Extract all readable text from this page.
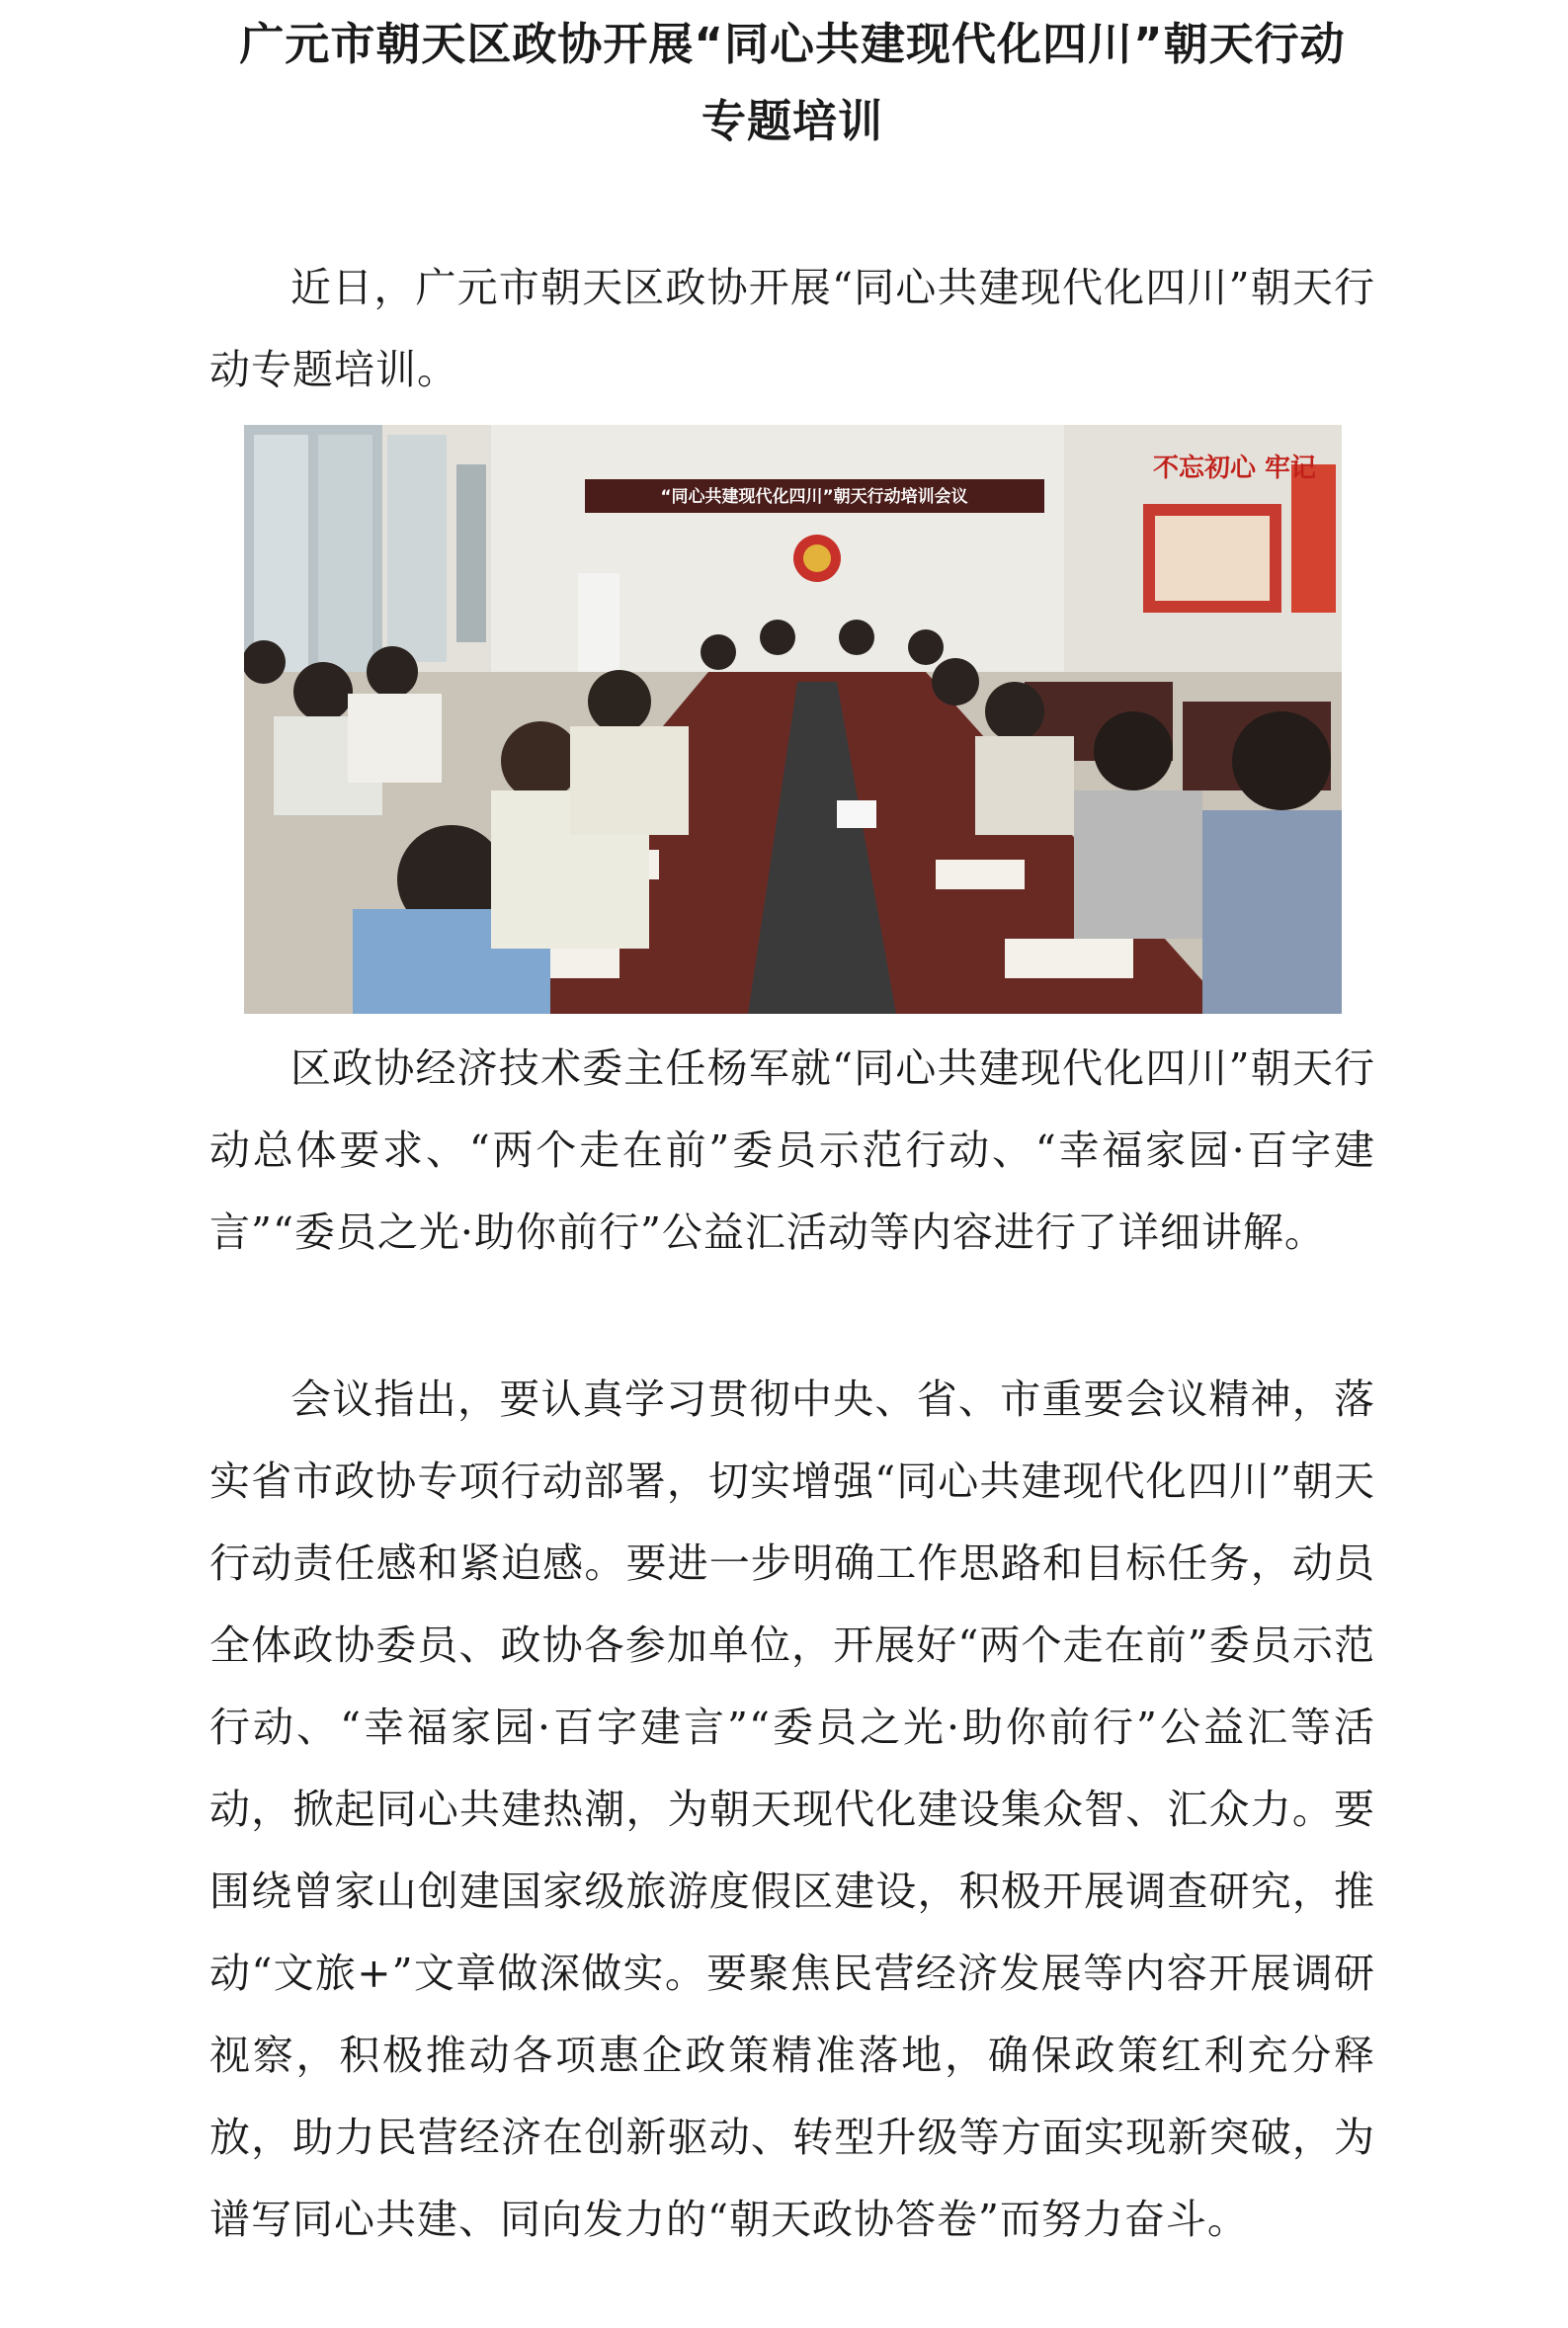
广元市朝天区政协开展“同心共建现代化四川”朝天行动
专题培训

近日，广元市朝天区政协开展“同心共建现代化四川”朝天行动专题培训。

“同心共建现代化四川”朝天行动培训会议
不忘初心 牢记

区政协经济技术委主任杨军就“同心共建现代化四川”朝天行动总体要求、“两个走在前”委员示范行动、“幸福家园·百字建言”“委员之光·助你前行”公益汇活动等内容进行了详细讲解。

会议指出，要认真学习贯彻中央、省、市重要会议精神，落实省市政协专项行动部署，切实增强“同心共建现代化四川”朝天行动责任感和紧迫感。要进一步明确工作思路和目标任务，动员全体政协委员、政协各参加单位，开展好“两个走在前”委员示范行动、“幸福家园·百字建言”“委员之光·助你前行”公益汇等活动，掀起同心共建热潮，为朝天现代化建设集众智、汇众力。要围绕曾家山创建国家级旅游度假区建设，积极开展调查研究，推动“文旅+”文章做深做实。要聚焦民营经济发展等内容开展调研视察，积极推动各项惠企政策精准落地，确保政策红利充分释放，助力民营经济在创新驱动、转型升级等方面实现新突破，为谱写同心共建、同向发力的“朝天政协答卷”而努力奋斗。
